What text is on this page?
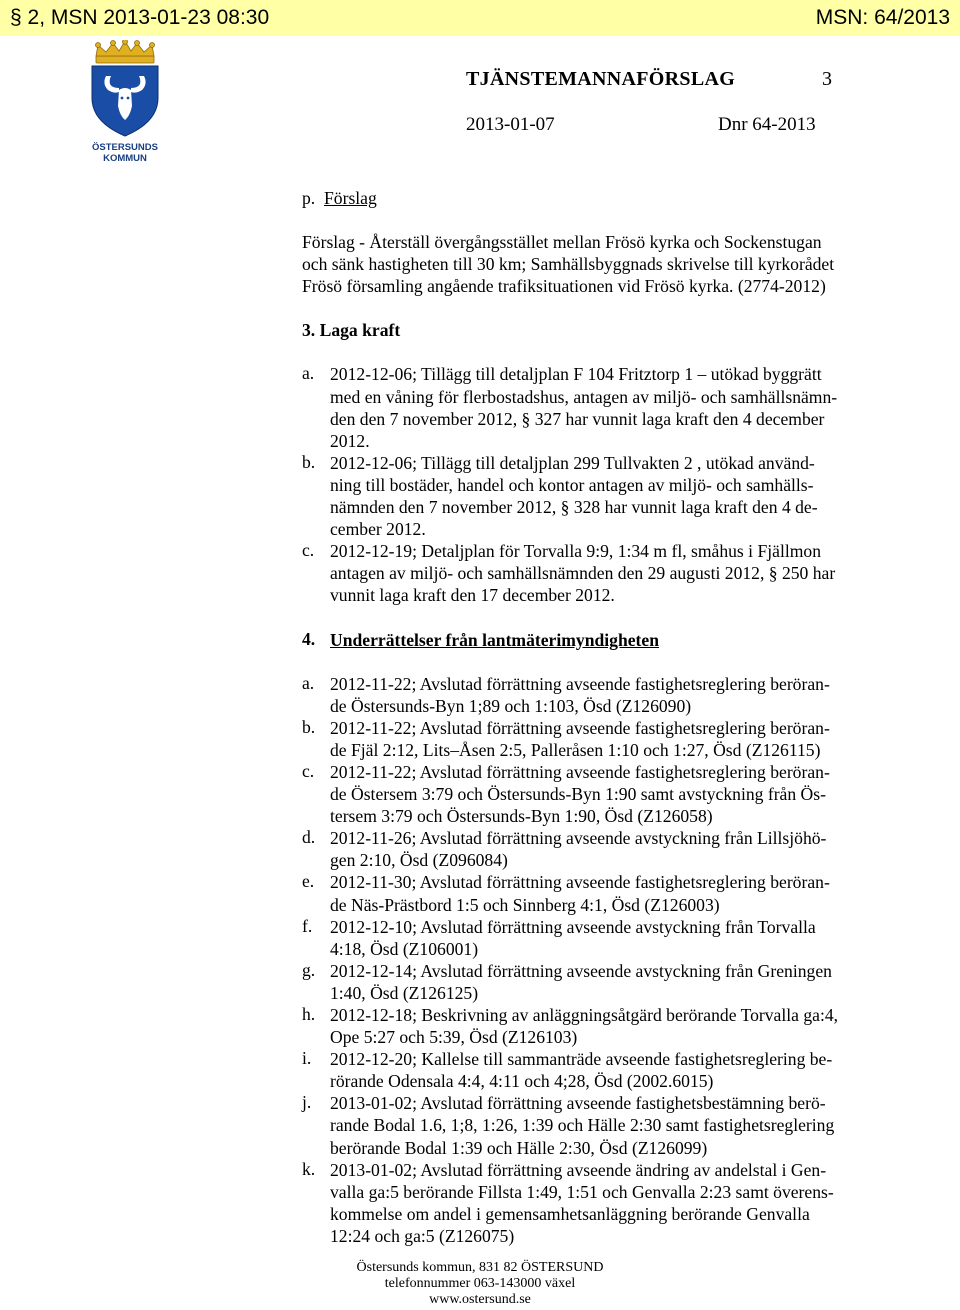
§ 2, MSN 2013-01-23 08:30	MSN: 64/2013
ÖSTERSUNDS
KOMMUN
TJÄNSTEMANNAFÖRSLAG	3
2013-01-07	Dnr 64-2013
p. Förslag
Förslag - Återställ övergångsstället mellan Frösö kyrka och Sockenstugan
och sänk hastigheten till 30 km; Samhällsbyggnads skrivelse till kyrkorådet
Frösö församling angående trafiksituationen vid Frösö kyrka. (2774-2012)
3. Laga kraft
a. 2012-12-06; Tillägg till detaljplan F 104 Fritztorp 1 – utökad byggrätt
med en våning för flerbostadshus, antagen av miljö- och samhällsnämn-
den den 7 november 2012, § 327 har vunnit laga kraft den 4 december
2012.
b. 2012-12-06; Tillägg till detaljplan 299 Tullvakten 2 , utökad använd-
ning till bostäder, handel och kontor antagen av miljö- och samhälls-
nämnden den 7 november 2012, § 328 har vunnit laga kraft den 4 de-
cember 2012.
c. 2012-12-19; Detaljplan för Torvalla 9:9, 1:34 m fl, småhus i Fjällmon
antagen av miljö- och samhällsnämnden den 29 augusti 2012, § 250 har
vunnit laga kraft den 17 december 2012.
4. Underrättelser från lantmäterimyndigheten
a. 2012-11-22; Avslutad förrättning avseende fastighetsreglering beröran-
de Östersunds-Byn 1;89 och 1:103, Ösd (Z126090)
b. 2012-11-22; Avslutad förrättning avseende fastighetsreglering beröran-
de Fjäl 2:12, Lits–Åsen 2:5, Palleråsen 1:10 och 1:27, Ösd (Z126115)
c. 2012-11-22; Avslutad förrättning avseende fastighetsreglering beröran-
de Östersem 3:79 och Östersunds-Byn 1:90 samt avstyckning från Ös-
tersem 3:79 och Östersunds-Byn 1:90, Ösd (Z126058)
d. 2012-11-26; Avslutad förrättning avseende avstyckning från Lillsjöhö-
gen 2:10, Ösd (Z096084)
e. 2012-11-30; Avslutad förrättning avseende fastighetsreglering beröran-
de Näs-Prästbord 1:5 och Sinnberg 4:1, Ösd (Z126003)
f. 2012-12-10; Avslutad förrättning avseende avstyckning från Torvalla
4:18, Ösd (Z106001)
g. 2012-12-14; Avslutad förrättning avseende avstyckning från Greningen
1:40, Ösd (Z126125)
h. 2012-12-18; Beskrivning av anläggningsåtgärd berörande Torvalla ga:4,
Ope 5:27 och 5:39, Ösd (Z126103)
i. 2012-12-20; Kallelse till sammanträde avseende fastighetsreglering be-
rörande Odensala 4:4, 4:11 och 4;28, Ösd (2002.6015)
j. 2013-01-02; Avslutad förrättning avseende fastighetsbestämning berö-
rande Bodal 1.6, 1;8, 1:26, 1:39 och Hälle 2:30 samt fastighetsreglering
berörande Bodal 1:39 och Hälle 2:30, Ösd (Z126099)
k. 2013-01-02; Avslutad förrättning avseende ändring av andelstal i Gen-
valla ga:5 berörande Fillsta 1:49, 1:51 och Genvalla 2:23 samt överens-
kommelse om andel i gemensamhetsanläggning berörande Genvalla
12:24 och ga:5 (Z126075)
Östersunds kommun, 831 82 ÖSTERSUND
telefonnummer 063-143000 växel
www.ostersund.se
